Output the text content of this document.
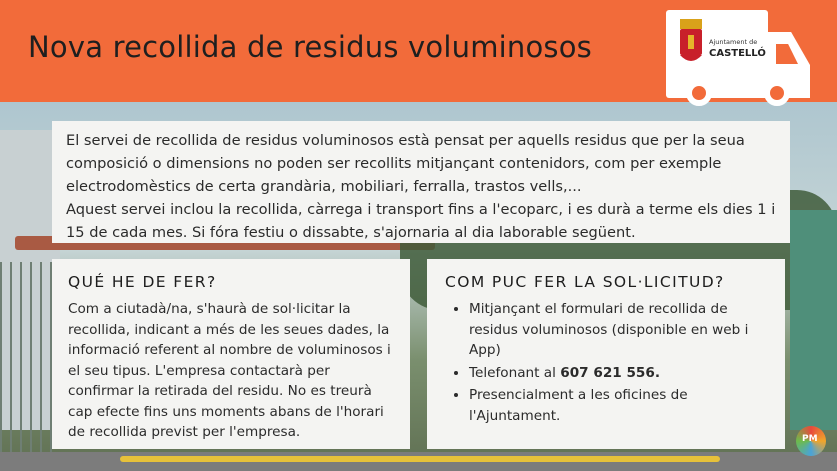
Nova recollida de residus voluminosos	Ajuntament de
CASTELLÓ
El servei de recollida de residus voluminosos està pensat per aquells residus que per la seua composició o dimensions no poden ser recollits mitjançant contenidors, com per exemple electrodomèstics de certa grandària, mobiliari, ferralla, trastos vells,...
Aquest servei inclou la recollida, càrrega i transport fins a l'ecoparc, i es durà a terme els dies 1 i 15 de cada mes. Si fóra festiu o dissabte, s'ajornaria al dia laborable següent.
QUÉ HE DE FER?
Com a ciutadà/na, s'haurà de sol·licitar la recollida, indicant a més de les seues dades, la informació referent al nombre de voluminosos i el seu tipus. L'empresa contactarà per confirmar la retirada del residu. No es treurà cap efecte fins uns moments abans de l'horari de recollida previst per l'empresa.
COM PUC FER LA SOL·LICITUD?
• Mitjançant el formulari de recollida de residus voluminosos (disponible en web i App)
• Telefonant al 607 621 556.
• Presencialment a les oficines de l'Ajuntament.
PM
